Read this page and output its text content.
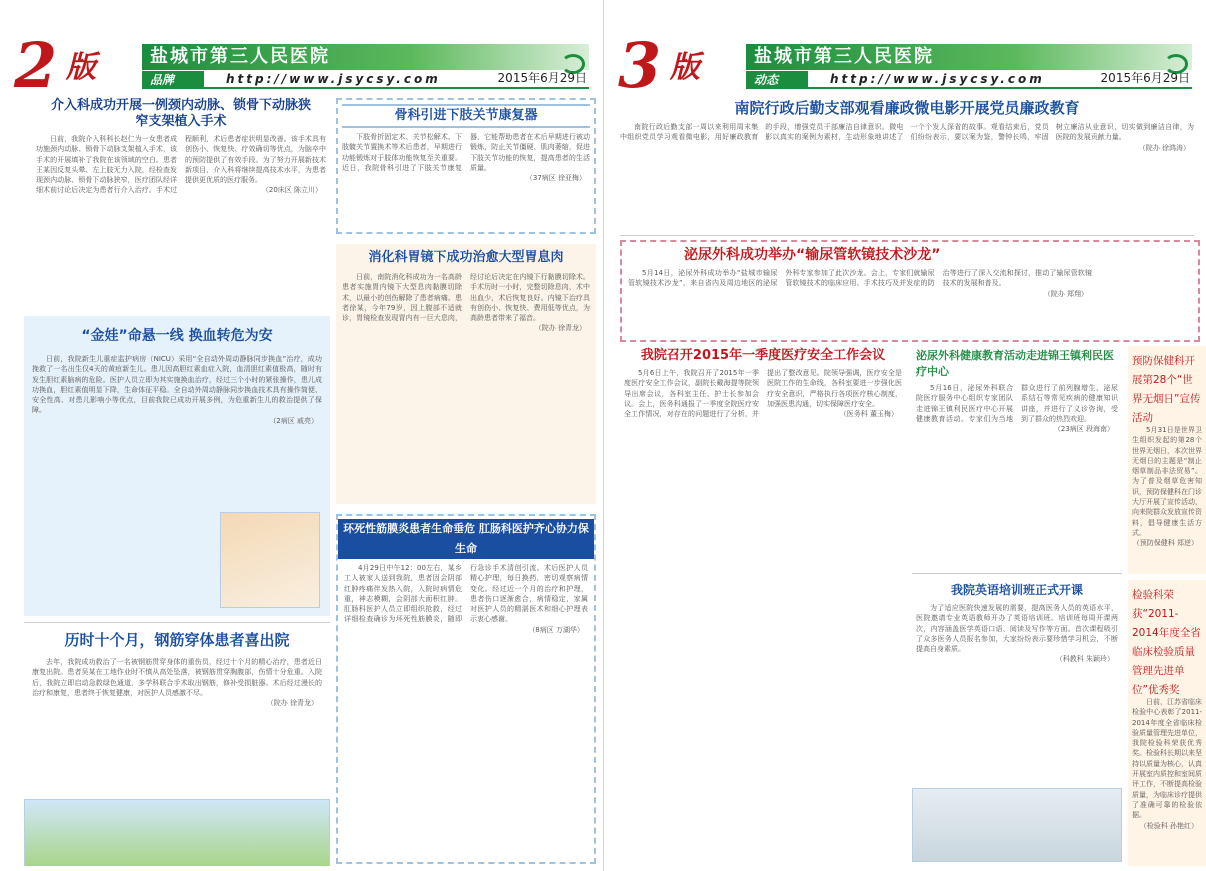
2 版	盐城市第三人民医院
品牌	http://www.jsycsy.com	2015年6月29日
介入科成功开展一例颈内动脉、锁骨下动脉狭窄支架植入手术

日前，我院介入科科长赵仁为一女患者成功施颈内动脉、锁骨下动脉支架植入手术，该手术的开展填补了我院在该领域的空白。患者王某因反复头晕、左上肢无力入院，经检查发现颈内动脉、锁骨下动脉狭窄，医疗团队经详细术前讨论后决定为患者行介入治疗。手术过程顺利，术后患者症状明显改善。该手术具有创伤小、恢复快、疗效确切等优点，为脑卒中的预防提供了有效手段。为了努力开展新技术新项目，介入科将继续提高技术水平，为患者提供更优质的医疗服务。

（20床区 陈立川）

骨科引进下肢关节康复器

下肢骨折固定术、关节松解术、下肢髋关节置换术等术后患者，早期进行功能锻炼对于肢体功能恢复至关重要。近日，我院骨科引进了下肢关节康复器，它能帮助患者在术后早期进行被动锻炼，防止关节僵硬、肌肉萎缩，促进下肢关节功能的恢复，提高患者的生活质量。

（37病区 徐亚梅）

消化科胃镜下成功治愈大型胃息肉

日前，南院消化科成功为一名高龄患者实施胃内镜下大型息肉黏膜切除术，以最小的创伤解除了患者病痛。患者徐某，今年79岁，因上腹部不适就诊，胃镜检查发现胃内有一巨大息肉，经讨论后决定在内镜下行黏膜切除术。手术历时一小时，完整切除息肉，术中出血少，术后恢复良好。内镜下治疗具有创伤小、恢复快、费用低等优点，为高龄患者带来了福音。

（院办 徐青龙）

“金娃”命悬一线 换血转危为安

日前，我院新生儿重症监护病房（NICU）采用“全自动外周动静脉同步换血”治疗，成功挽救了一名出生仅4天的黄疸新生儿。患儿因高胆红素血症入院，血清胆红素值极高，随时有发生胆红素脑病的危险。医护人员立即为其实施换血治疗，经过三个小时的紧张操作，患儿成功换血，胆红素值明显下降，生命体征平稳。全自动外周动静脉同步换血技术具有操作简便、安全性高、对患儿影响小等优点，目前我院已成功开展多例，为危重新生儿的救治提供了保障。

（2病区 戚亮）

环死性筋膜炎患者生命垂危 肛肠科医护齐心协力保生命

4月29日中午12：00左右，某乡工人被家人送到我院，患者因会阴部红肿疼痛伴发热入院，入院时病情危重，神志模糊，会阴部大面积红肿。肛肠科医护人员立即组织抢救，经过详细检查确诊为坏死性筋膜炎，随即行急诊手术清创引流。术后医护人员精心护理，每日换药，密切观察病情变化。经过近一个月的治疗和护理，患者伤口逐渐愈合，病情稳定，家属对医护人员的精湛医术和细心护理表示衷心感谢。

（8病区 万湖华）

历时十个月，钢筋穿体患者喜出院

去年，我院成功救治了一名被钢筋贯穿身体的重伤员，经过十个月的精心治疗，患者近日康复出院。患者吴某在工地作业时不慎从高处坠落，被钢筋贯穿胸腹部，伤情十分危重。入院后，我院立即启动急救绿色通道，多学科联合手术取出钢筋，修补受损脏器。术后经过漫长的治疗和康复，患者终于恢复健康，对医护人员感激不尽。

（院办 徐青龙）

3 版	盐城市第三人民医院
动态	http://www.jsycsy.com	2015年6月29日
南院行政后勤支部观看廉政微电影开展党员廉政教育

南院行政后勤支部一周以来利用周末集中组织党员学习观看微电影，用好廉政教育的手段，增强党员干部廉洁自律意识。微电影以真实的案例为素材，生动形象地讲述了一个个发人深省的故事。观看结束后，党员们纷纷表示，要以案为鉴，警钟长鸣，牢固树立廉洁从业意识，切实做到廉洁自律，为医院的发展贡献力量。

（院办 徐鸿涛）

泌尿外科成功举办“输尿管软镜技术沙龙”

5月14日，泌尿外科成功举办“盐城市输尿管软镜技术沙龙”，来自省内及周边地区的泌尿外科专家参加了此次沙龙。会上，专家们就输尿管软镜技术的临床应用、手术技巧及并发症的防治等进行了深入交流和探讨，推动了输尿管软镜技术的发展和普及。

（院办 郑翔）

我院召开2015年一季度医疗安全工作会议

5月6日上午，我院召开了2015年一季度医疗安全工作会议，副院长戴海提等院领导出席会议，各科室主任、护士长参加会议。会上，医务科通报了一季度全院医疗安全工作情况，对存在的问题进行了分析，并提出了整改意见。院领导强调，医疗安全是医院工作的生命线，各科室要进一步强化医疗安全意识，严格执行各项医疗核心制度，加强医患沟通，切实保障医疗安全。

（医务科 董玉梅）

泌尿外科健康教育活动走进锦王镇利民医疗中心

5月16日，泌尿外科联合院医疗服务中心组织专家团队走进锦王镇利民医疗中心开展健康教育活动。专家们为当地群众进行了前列腺增生、泌尿系结石等常见疾病的健康知识讲座，并进行了义诊咨询，受到了群众的热烈欢迎。

（23病区 段海南）

我院英语培训班正式开课

为了适应医院快速发展的需要，提高医务人员的英语水平，医院邀请专业英语教师开办了英语培训班。培训班每周开课两次，内容涵盖医学英语口语、阅读及写作等方面。首次课程吸引了众多医务人员报名参加，大家纷纷表示要珍惜学习机会，不断提高自身素质。

（科教科 朱颖玲）

预防保健科开展第28个“世界无烟日”宣传活动

5月31日是世界卫生组织发起的第28个世界无烟日，本次世界无烟日的主题是“制止烟草制品非法贸易”。为了普及烟草危害知识，预防保健科在门诊大厅开展了宣传活动，向来院群众发放宣传资料，倡导健康生活方式。

（预防保健科 郑逆）

检验科荣获“2011-2014年度全省临床检验质量管理先进单位”优秀奖

日前，江苏省临床检验中心表彰了2011-2014年度全省临床检验质量管理先进单位，我院检验科荣获优秀奖。检验科长期以来坚持以质量为核心，认真开展室内质控和室间质评工作，不断提高检验质量，为临床诊疗提供了准确可靠的检验依据。

（检验科 孙艳红）
